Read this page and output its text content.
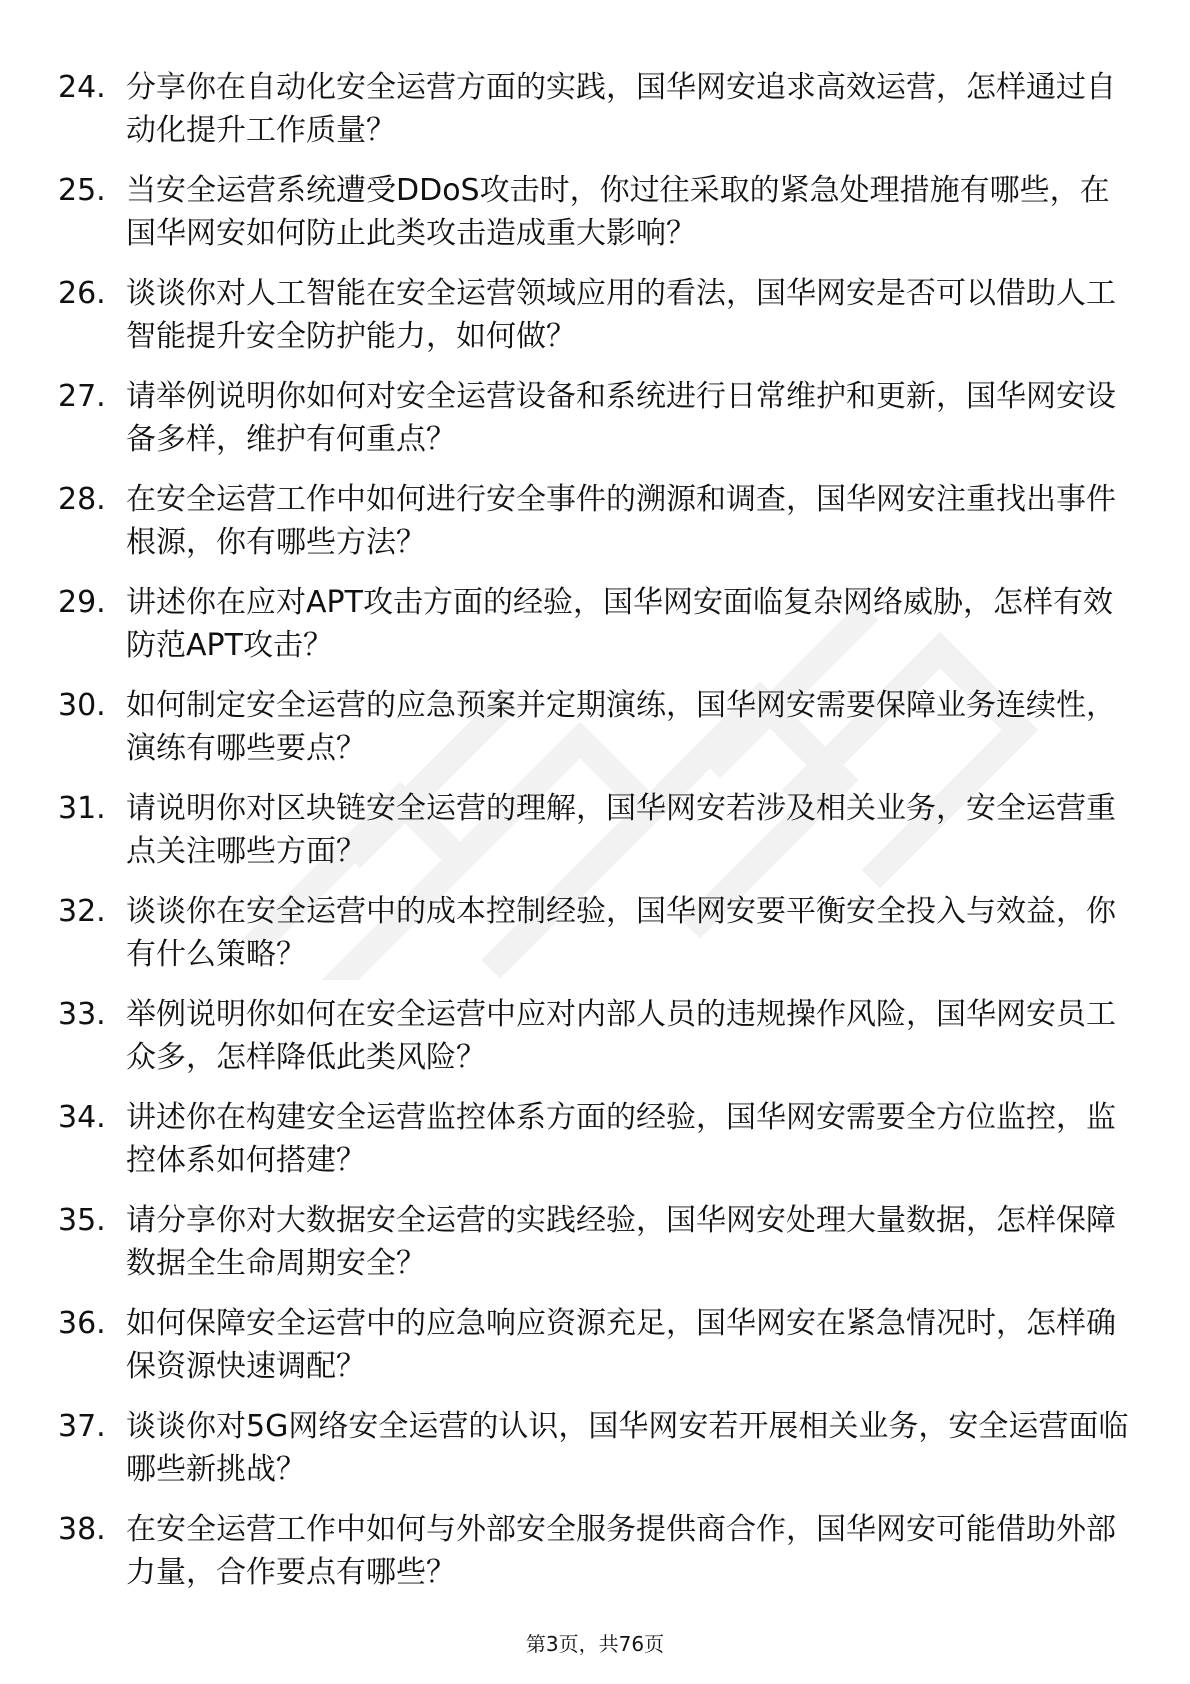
24. 分享你在自动化安全运营方面的实践，国华网安追求高效运营，怎样通过自动化提升工作质量？
25. 当安全运营系统遭受DDoS攻击时，你过往采取的紧急处理措施有哪些，在国华网安如何防止此类攻击造成重大影响？
26. 谈谈你对人工智能在安全运营领域应用的看法，国华网安是否可以借助人工智能提升安全防护能力，如何做？
27. 请举例说明你如何对安全运营设备和系统进行日常维护和更新，国华网安设备多样，维护有何重点？
28. 在安全运营工作中如何进行安全事件的溯源和调查，国华网安注重找出事件根源，你有哪些方法？
29. 讲述你在应对APT攻击方面的经验，国华网安面临复杂网络威胁，怎样有效防范APT攻击？
30. 如何制定安全运营的应急预案并定期演练，国华网安需要保障业务连续性，演练有哪些要点？
31. 请说明你对区块链安全运营的理解，国华网安若涉及相关业务，安全运营重点关注哪些方面？
32. 谈谈你在安全运营中的成本控制经验，国华网安要平衡安全投入与效益，你有什么策略？
33. 举例说明你如何在安全运营中应对内部人员的违规操作风险，国华网安员工众多，怎样降低此类风险？
34. 讲述你在构建安全运营监控体系方面的经验，国华网安需要全方位监控，监控体系如何搭建？
35. 请分享你对大数据安全运营的实践经验，国华网安处理大量数据，怎样保障数据全生命周期安全？
36. 如何保障安全运营中的应急响应资源充足，国华网安在紧急情况时，怎样确保资源快速调配？
37. 谈谈你对5G网络安全运营的认识，国华网安若开展相关业务，安全运营面临哪些新挑战？
38. 在安全运营工作中如何与外部安全服务提供商合作，国华网安可能借助外部力量，合作要点有哪些？
第3页，共76页
